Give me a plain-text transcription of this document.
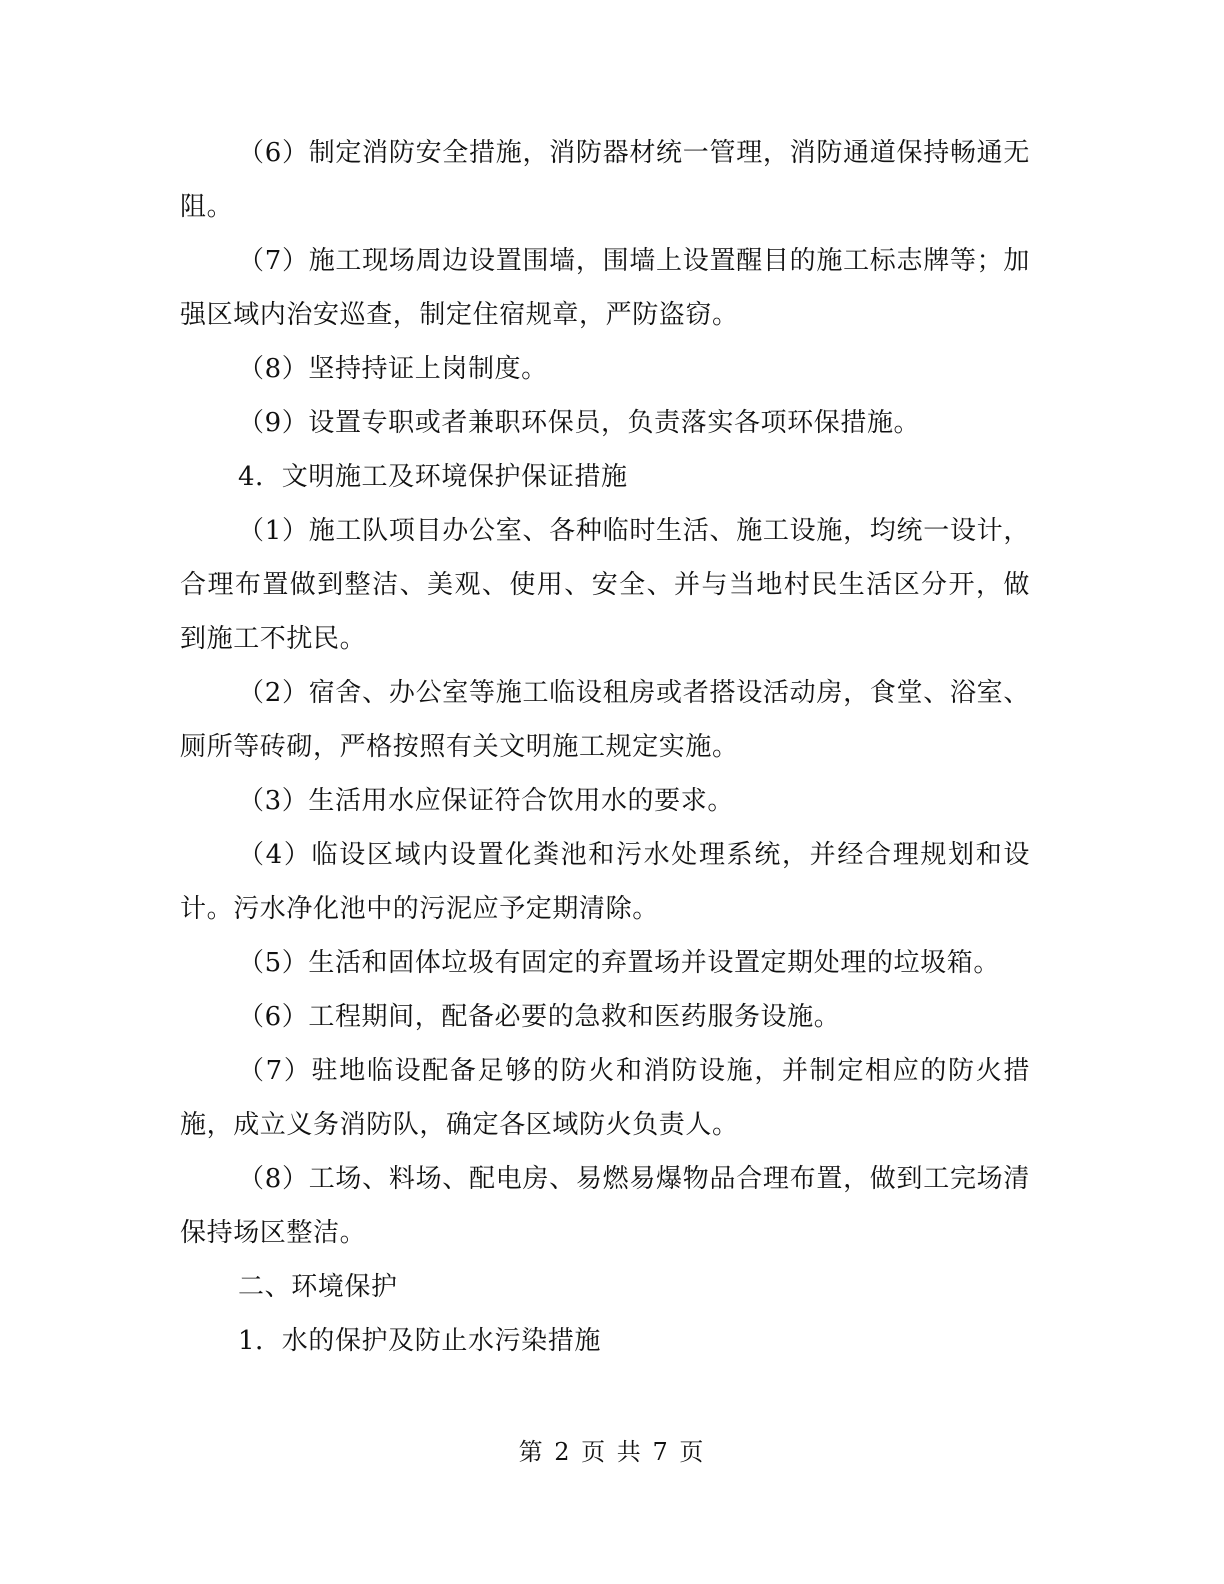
（6）制定消防安全措施，消防器材统一管理，消防通道保持畅通无阻。

（7）施工现场周边设置围墙，围墙上设置醒目的施工标志牌等；加强区域内治安巡查，制定住宿规章，严防盗窃。

（8）坚持持证上岗制度。

（9）设置专职或者兼职环保员，负责落实各项环保措施。

4．文明施工及环境保护保证措施

（1）施工队项目办公室、各种临时生活、施工设施，均统一设计，合理布置做到整洁、美观、使用、安全、并与当地村民生活区分开，做到施工不扰民。

（2）宿舍、办公室等施工临设租房或者搭设活动房，食堂、浴室、厕所等砖砌，严格按照有关文明施工规定实施。

（3）生活用水应保证符合饮用水的要求。

（4）临设区域内设置化粪池和污水处理系统，并经合理规划和设计。污水净化池中的污泥应予定期清除。

（5）生活和固体垃圾有固定的弃置场并设置定期处理的垃圾箱。

（6）工程期间，配备必要的急救和医药服务设施。

（7）驻地临设配备足够的防火和消防设施，并制定相应的防火措施，成立义务消防队，确定各区域防火负责人。

（8）工场、料场、配电房、易燃易爆物品合理布置，做到工完场清保持场区整洁。

二、环境保护

1．水的保护及防止水污染措施

第 2 页 共 7 页
